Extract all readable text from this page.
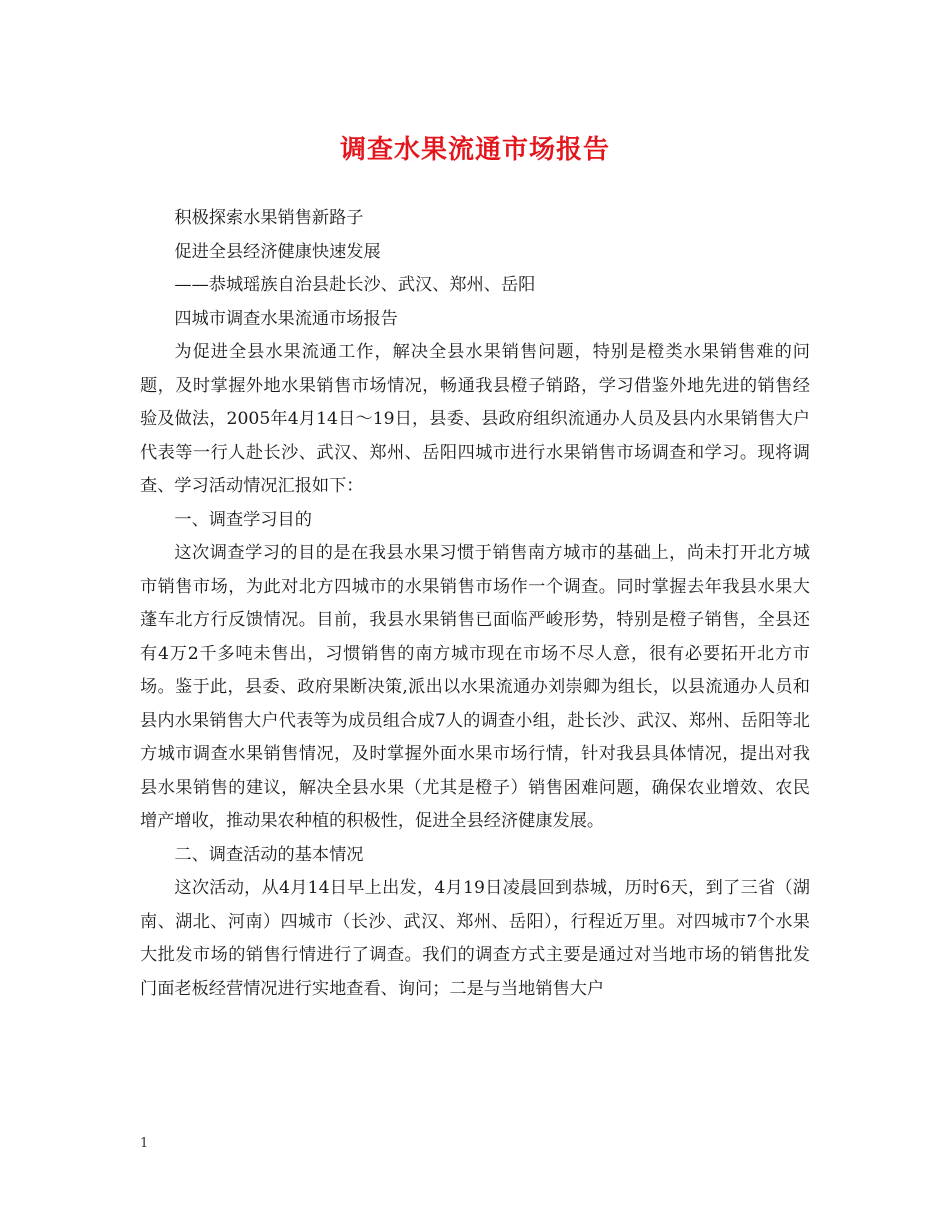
调查水果流通市场报告

积极探索水果销售新路子

促进全县经济健康快速发展

——恭城瑶族自治县赴长沙、武汉、郑州、岳阳

四城市调查水果流通市场报告

为促进全县水果流通工作，解决全县水果销售问题，特别是橙类水果销售难的问题，及时掌握外地水果销售市场情况，畅通我县橙子销路，学习借鉴外地先进的销售经验及做法，2005年4月14日～19日，县委、县政府组织流通办人员及县内水果销售大户代表等一行人赴长沙、武汉、郑州、岳阳四城市进行水果销售市场调查和学习。现将调查、学习活动情况汇报如下：

一、调查学习目的

这次调查学习的目的是在我县水果习惯于销售南方城市的基础上，尚未打开北方城市销售市场，为此对北方四城市的水果销售市场作一个调查。同时掌握去年我县水果大蓬车北方行反馈情况。目前，我县水果销售已面临严峻形势，特别是橙子销售，全县还有4万2千多吨未售出，习惯销售的南方城市现在市场不尽人意，很有必要拓开北方市场。鉴于此，县委、政府果断决策,派出以水果流通办刘崇卿为组长，以县流通办人员和县内水果销售大户代表等为成员组合成7人的调查小组，赴长沙、武汉、郑州、岳阳等北方城市调查水果销售情况，及时掌握外面水果市场行情，针对我县具体情况，提出对我县水果销售的建议，解决全县水果（尤其是橙子）销售困难问题，确保农业增效、农民增产增收，推动果农种植的积极性，促进全县经济健康发展。

二、调查活动的基本情况

这次活动，从4月14日早上出发，4月19日凌晨回到恭城，历时6天，到了三省（湖南、湖北、河南）四城市（长沙、武汉、郑州、岳阳），行程近万里。对四城市7个水果大批发市场的销售行情进行了调查。我们的调查方式主要是通过对当地市场的销售批发门面老板经营情况进行实地查看、询问；二是与当地销售大户

1
